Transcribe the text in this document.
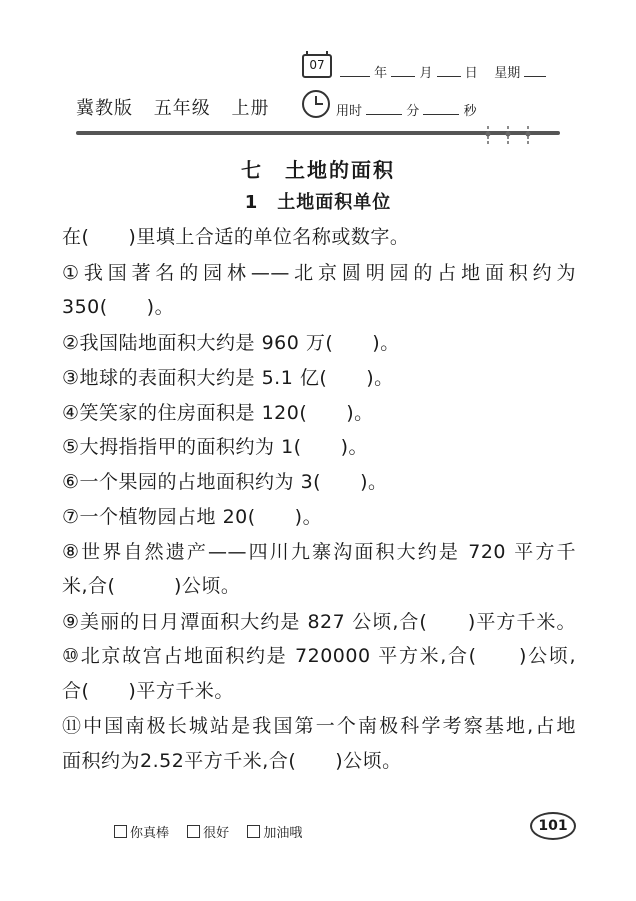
07
年 月 日 星期
冀教版 五年级 上册	用时	分	秒
七　土地的面积
1　土地面积单位
在(　　)里填上合适的单位名称或数字。
①我国著名的园林——北京圆明园的占地面积约为
350(　　)。
②我国陆地面积大约是 960 万(　　)。
③地球的表面积大约是 5.1 亿(　　)。
④笑笑家的住房面积是 120(　　)。
⑤大拇指指甲的面积约为 1(　　)。
⑥一个果园的占地面积约为 3(　　)。
⑦一个植物园占地 20(　　)。
⑧世界自然遗产——四川九寨沟面积大约是 720 平方千
米,合(　　　)公顷。
⑨美丽的日月潭面积大约是 827 公顷,合(　　)平方千米。
⑩北京故宫占地面积约是 720000 平方米,合(　　)公顷,
合(　　)平方千米。
⑪中国南极长城站是我国第一个南极科学考察基地,占地
面积约为2.52平方千米,合(　　)公顷。
你真棒	很好	加油哦	101
